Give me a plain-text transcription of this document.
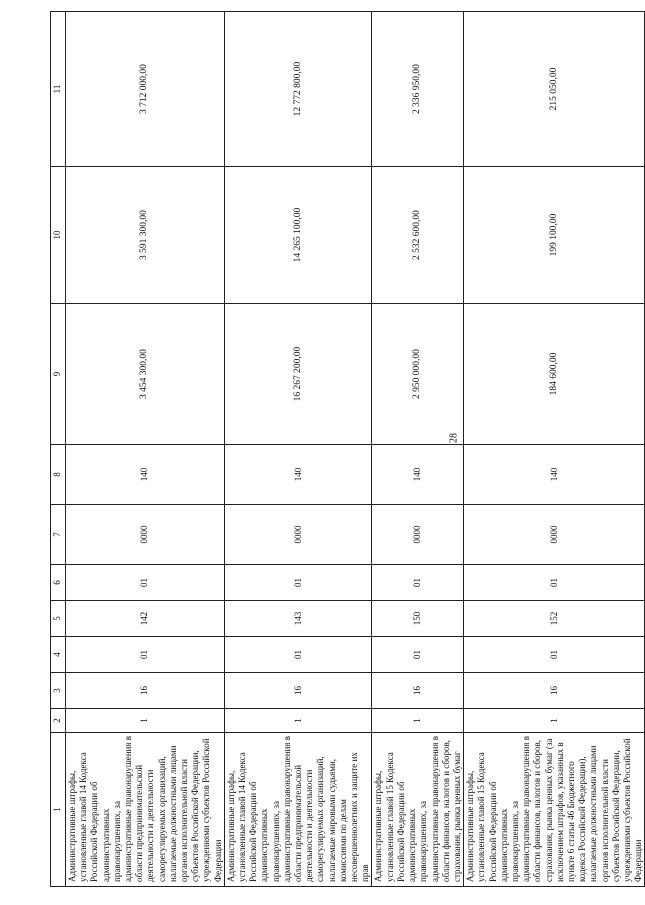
28
1	2	3	4	5	6	7	8	9	10	11
Административные штрафы, установленные главой 14 Кодекса Российской Федерации об административных правонарушениях, за административные правонарушения в области предпринимательской деятельности и деятельности саморегулируемых организаций, налагаемые должностными лицами органов исполнительной власти субъектов Российской Федерации, учреждениями субъектов Российской Федерации	1	16	01	142	01	0000	140	3 454 300,00	3 591 300,00	3 712 000,00
Административные штрафы, установленные главой 14 Кодекса Российской Федерации об административных правонарушениях, за административные правонарушения в области предпринимательской деятельности и деятельности саморегулируемых организаций, налагаемые мировыми судьями, комиссиями по делам несовершеннолетних и защите их прав	1	16	01	143	01	0000	140	16 267 200,00	14 265 100,00	12 772 800,00
Административные штрафы, установленные главой 15 Кодекса Российской Федерации об административных правонарушениях, за административные правонарушения в области финансов, налогов и сборов, страхования, рынка ценных бумаг	1	16	01	150	01	0000	140	2 950 000,00	2 532 600,00	2 336 950,00
Административные штрафы, установленные главой 15 Кодекса Российской Федерации об административных правонарушениях, за административные правонарушения в области финансов, налогов и сборов, страхования, рынка ценных бумаг (за исключением штрафов, указанных в пункте 6 статьи 46 Бюджетного кодекса Российской Федерации), налагаемые должностными лицами органов исполнительной власти субъектов Российской Федерации, учреждениями субъектов Российской Федерации	1	16	01	152	01	0000	140	184 600,00	199 100,00	215 050,00
